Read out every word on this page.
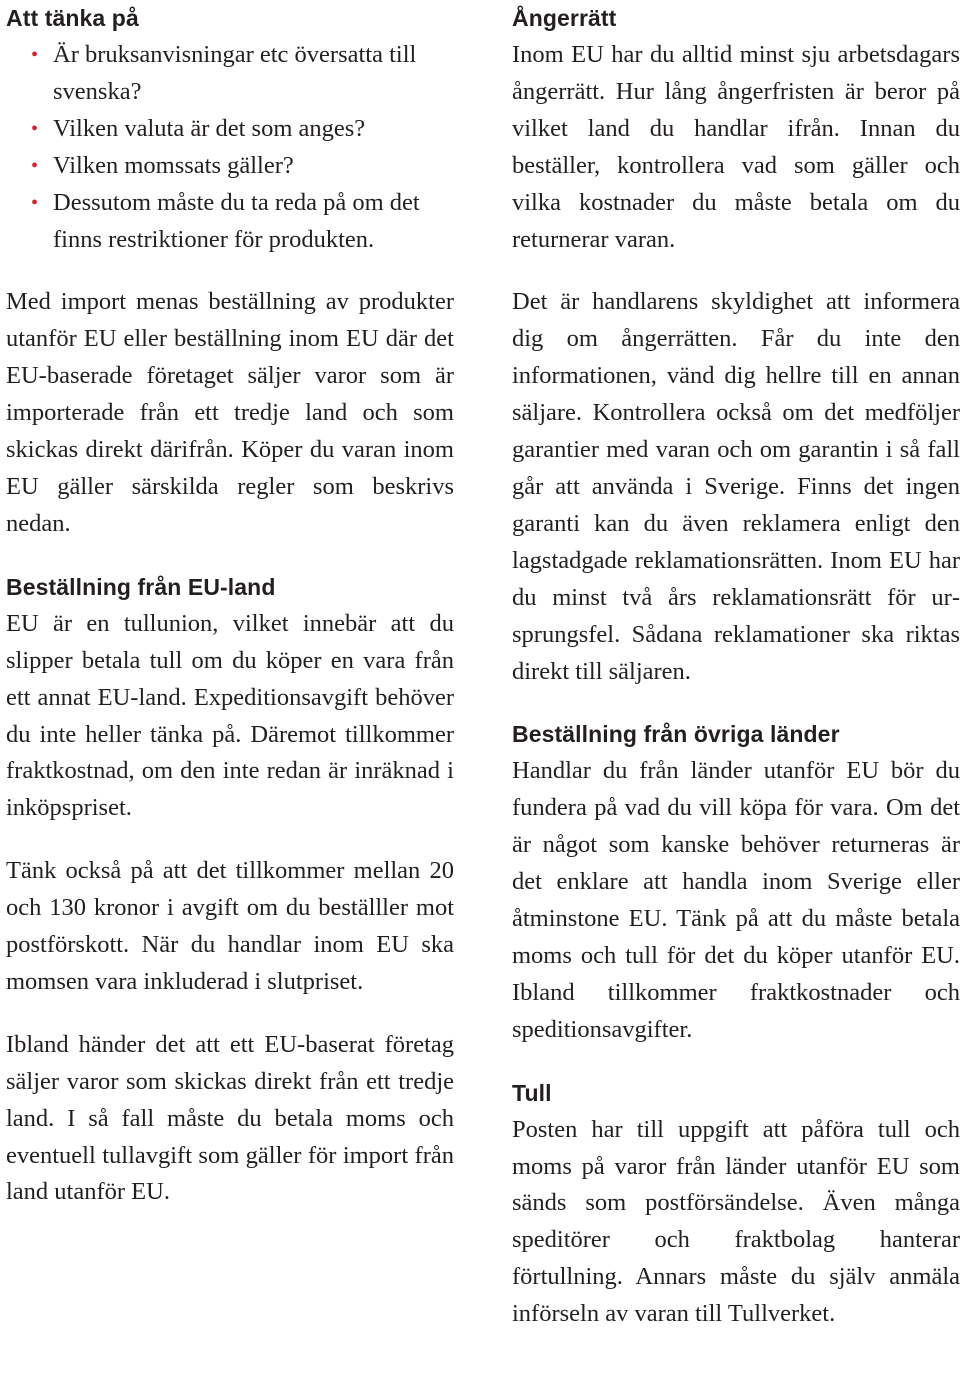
Att tänka på
• Är bruksanvisningar etc översatta till svenska?
• Vilken valuta är det som anges?
• Vilken momssats gäller?
• Dessutom måste du ta reda på om det finns restriktioner för produkten.

Med import menas beställning av produkter utanför EU eller beställning inom EU där det EU-baserade företaget säljer varor som är importerade från ett tredje land och som skickas direkt därifrån. Köper du varan inom EU gäller särskilda regler som beskrivs nedan.

Beställning från EU-land

EU är en tullunion, vilket innebär att du slipper betala tull om du köper en vara från ett annat EU-land. Expeditionsavgift behöver du inte heller tänka på. Däremot tillkommer fraktkostnad, om den inte redan är inräknad i inköpspriset.

Tänk också på att det tillkommer mellan 20 och 130 kronor i avgift om du beställler mot postförskott. När du handlar inom EU ska momsen vara inkluderad i slutpriset.

Ibland händer det att ett EU-baserat företag säljer varor som skickas direkt från ett tredje land. I så fall måste du betala moms och eventuell tullavgift som gäller för import från land utanför EU.

Ångerrätt

Inom EU har du alltid minst sju arbetsdagars ångerrätt. Hur lång ångerfristen är beror på vilket land du handlar ifrån. Innan du beställer, kontrollera vad som gäller och vilka kostnader du måste betala om du returnerar varan.

Det är handlarens skyldighet att informera dig om ångerrätten. Får du inte den informationen, vänd dig hellre till en annan säljare. Kontrollera också om det medföljer garantier med varan och om garantin i så fall går att använda i Sverige. Finns det ingen garanti kan du även reklamera enligt den lagstadgade reklamationsrätten. Inom EU har du minst två års reklamationsrätt för ursprungsfel. Sådana reklamationer ska riktas direkt till säljaren.

Beställning från övriga länder

Handlar du från länder utanför EU bör du fundera på vad du vill köpa för vara. Om det är något som kanske behöver returneras är det enklare att handla inom Sverige eller åtminstone EU. Tänk på att du måste betala moms och tull för det du köper utanför EU. Ibland tillkommer fraktkostnader och speditionsavgifter.

Tull

Posten har till uppgift att påföra tull och moms på varor från länder utanför EU som sänds som postförsändelse. Även många speditörer och fraktbolag hanterar förtullning. Annars måste du själv anmäla införseln av varan till Tullverket.
